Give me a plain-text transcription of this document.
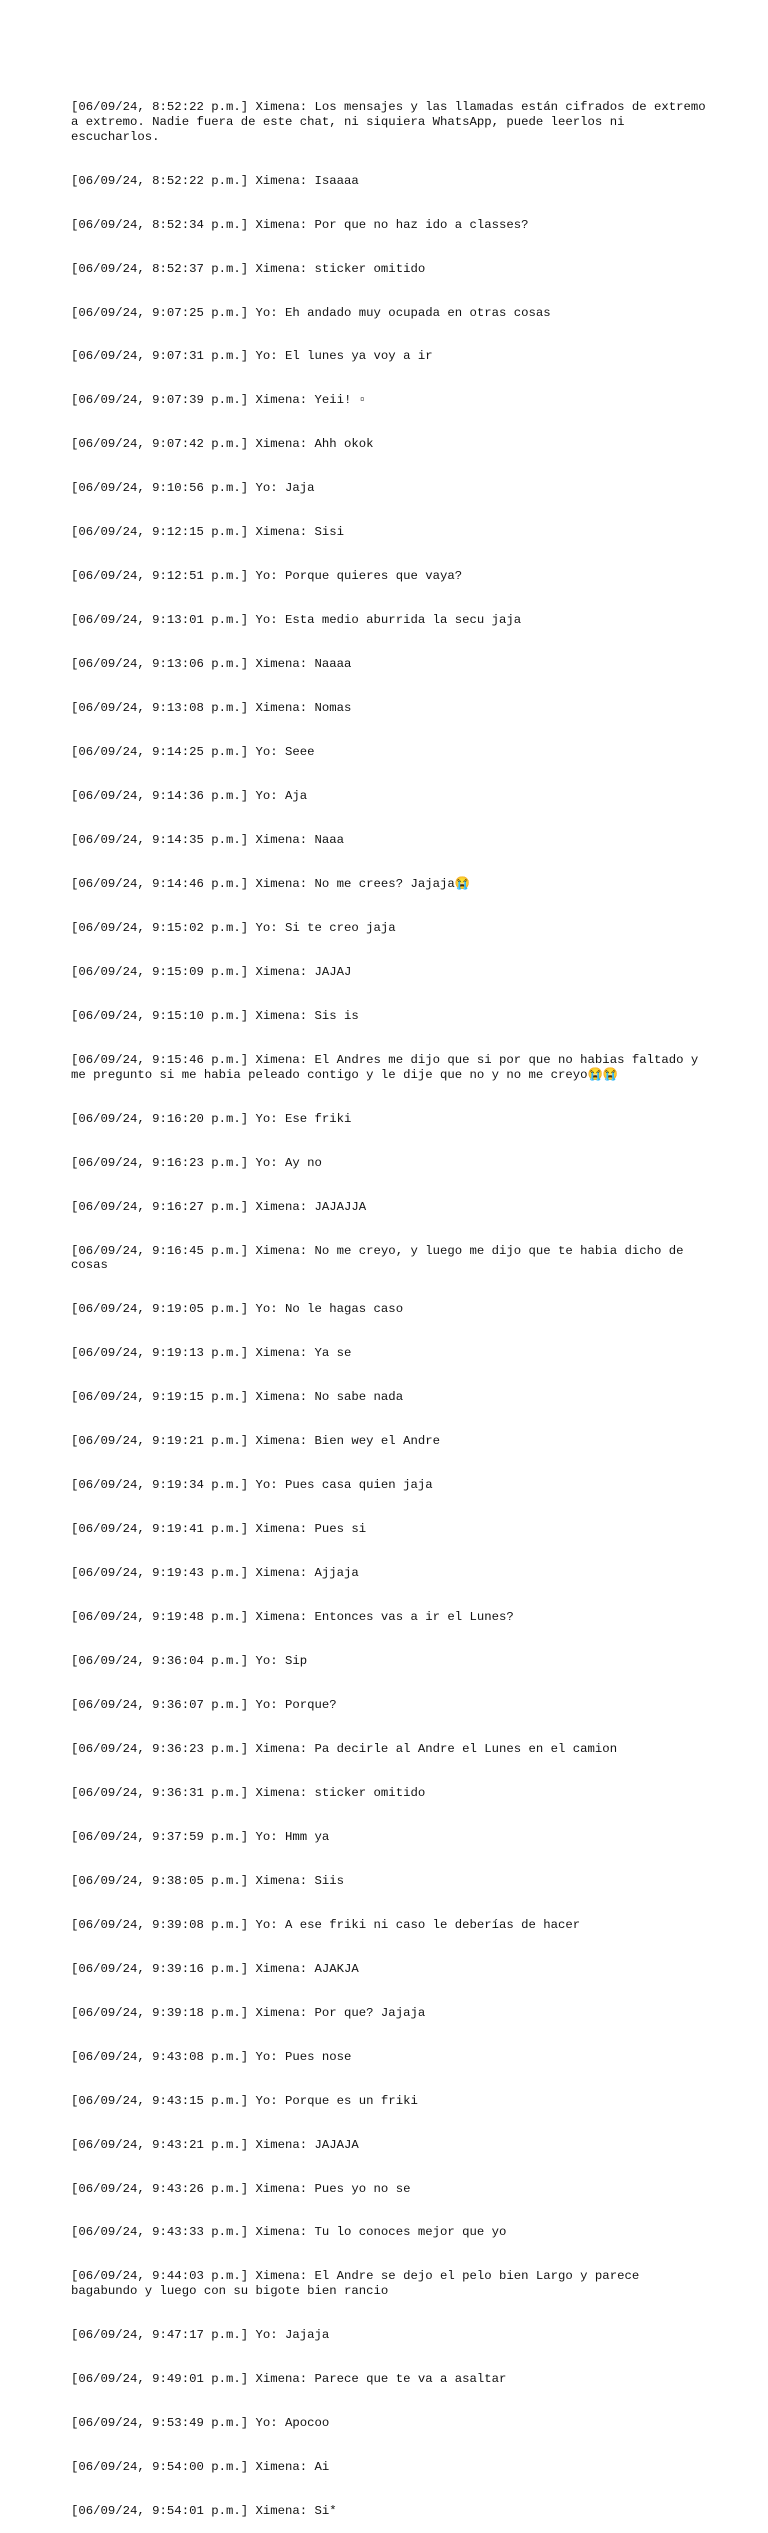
[06/09/24, 8:52:22 p.m.] Ximena: Los mensajes y las llamadas están cifrados de extremo a extremo. Nadie fuera de este chat, ni siquiera WhatsApp, puede leerlos ni escucharlos.

[06/09/24, 8:52:22 p.m.] Ximena: Isaaaa

[06/09/24, 8:52:34 p.m.] Ximena: Por que no haz ido a classes?

[06/09/24, 8:52:37 p.m.] Ximena: sticker omitido

[06/09/24, 9:07:25 p.m.] Yo: Eh andado muy ocupada en otras cosas

[06/09/24, 9:07:31 p.m.] Yo: El lunes ya voy a ir

[06/09/24, 9:07:39 p.m.] Ximena: Yeii! ▫

[06/09/24, 9:07:42 p.m.] Ximena: Ahh okok

[06/09/24, 9:10:56 p.m.] Yo: Jaja

[06/09/24, 9:12:15 p.m.] Ximena: Sisi

[06/09/24, 9:12:51 p.m.] Yo: Porque quieres que vaya?

[06/09/24, 9:13:01 p.m.] Yo: Esta medio aburrida la secu jaja

[06/09/24, 9:13:06 p.m.] Ximena: Naaaa

[06/09/24, 9:13:08 p.m.] Ximena: Nomas

[06/09/24, 9:14:25 p.m.] Yo: Seee

[06/09/24, 9:14:36 p.m.] Yo: Aja

[06/09/24, 9:14:35 p.m.] Ximena: Naaa

[06/09/24, 9:14:46 p.m.] Ximena: No me crees? Jajaja😭

[06/09/24, 9:15:02 p.m.] Yo: Si te creo jaja

[06/09/24, 9:15:09 p.m.] Ximena: JAJAJ

[06/09/24, 9:15:10 p.m.] Ximena: Sis is

[06/09/24, 9:15:46 p.m.] Ximena: El Andres me dijo que si por que no habias faltado y me pregunto si me habia peleado contigo y le dije que no y no me creyo😭😭

[06/09/24, 9:16:20 p.m.] Yo: Ese friki

[06/09/24, 9:16:23 p.m.] Yo: Ay no

[06/09/24, 9:16:27 p.m.] Ximena: JAJAJJA

[06/09/24, 9:16:45 p.m.] Ximena: No me creyo, y luego me dijo que te habia dicho de cosas

[06/09/24, 9:19:05 p.m.] Yo: No le hagas caso

[06/09/24, 9:19:13 p.m.] Ximena: Ya se

[06/09/24, 9:19:15 p.m.] Ximena: No sabe nada

[06/09/24, 9:19:21 p.m.] Ximena: Bien wey el Andre

[06/09/24, 9:19:34 p.m.] Yo: Pues casa quien jaja

[06/09/24, 9:19:41 p.m.] Ximena: Pues si

[06/09/24, 9:19:43 p.m.] Ximena: Ajjaja

[06/09/24, 9:19:48 p.m.] Ximena: Entonces vas a ir el Lunes?

[06/09/24, 9:36:04 p.m.] Yo: Sip

[06/09/24, 9:36:07 p.m.] Yo: Porque?

[06/09/24, 9:36:23 p.m.] Ximena: Pa decirle al Andre el Lunes en el camion

[06/09/24, 9:36:31 p.m.] Ximena: sticker omitido

[06/09/24, 9:37:59 p.m.] Yo: Hmm ya

[06/09/24, 9:38:05 p.m.] Ximena: Siis

[06/09/24, 9:39:08 p.m.] Yo: A ese friki ni caso le deberías de hacer

[06/09/24, 9:39:16 p.m.] Ximena: AJAKJA

[06/09/24, 9:39:18 p.m.] Ximena: Por que? Jajaja

[06/09/24, 9:43:08 p.m.] Yo: Pues nose

[06/09/24, 9:43:15 p.m.] Yo: Porque es un friki

[06/09/24, 9:43:21 p.m.] Ximena: JAJAJA

[06/09/24, 9:43:26 p.m.] Ximena: Pues yo no se

[06/09/24, 9:43:33 p.m.] Ximena: Tu lo conoces mejor que yo

[06/09/24, 9:44:03 p.m.] Ximena: El Andre se dejo el pelo bien Largo y parece bagabundo y luego con su bigote bien rancio

[06/09/24, 9:47:17 p.m.] Yo: Jajaja

[06/09/24, 9:49:01 p.m.] Ximena: Parece que te va a asaltar

[06/09/24, 9:53:49 p.m.] Yo: Apocoo

[06/09/24, 9:54:00 p.m.] Ximena: Ai

[06/09/24, 9:54:01 p.m.] Ximena: Si*
